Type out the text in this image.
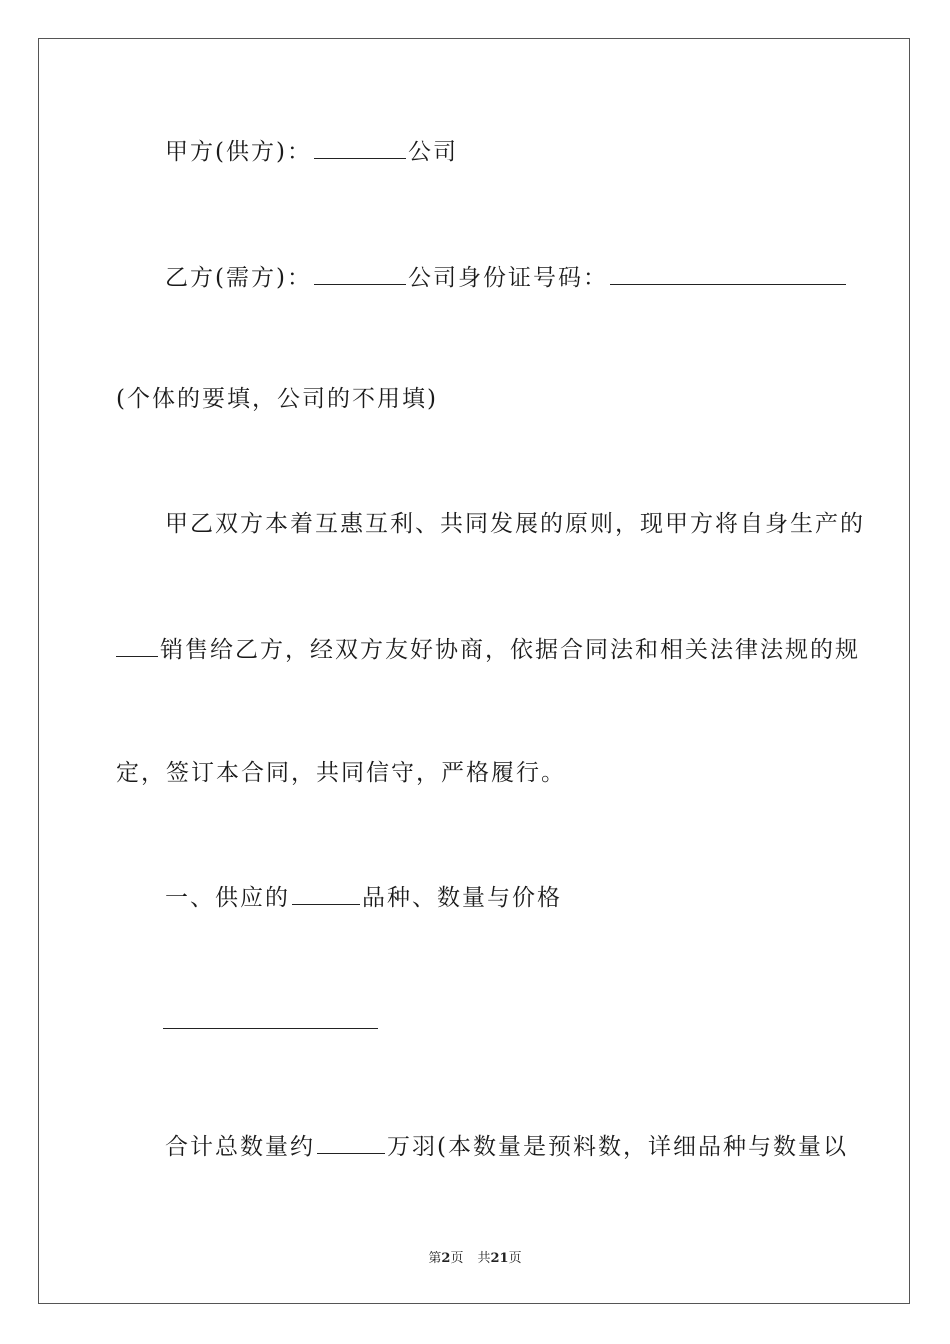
甲方(供方)：	公司
乙方(需方)：	公司身份证号码：
(个体的要填，公司的不用填)
甲乙双方本着互惠互利、共同发展的原则，现甲方将自身生产的
销售给乙方，经双方友好协商，依据合同法和相关法律法规的规
定，签订本合同，共同信守，严格履行。
一、供应的	品种、数量与价格
合计总数量约	万羽(本数量是预料数，详细品种与数量以
第2页 共21页
